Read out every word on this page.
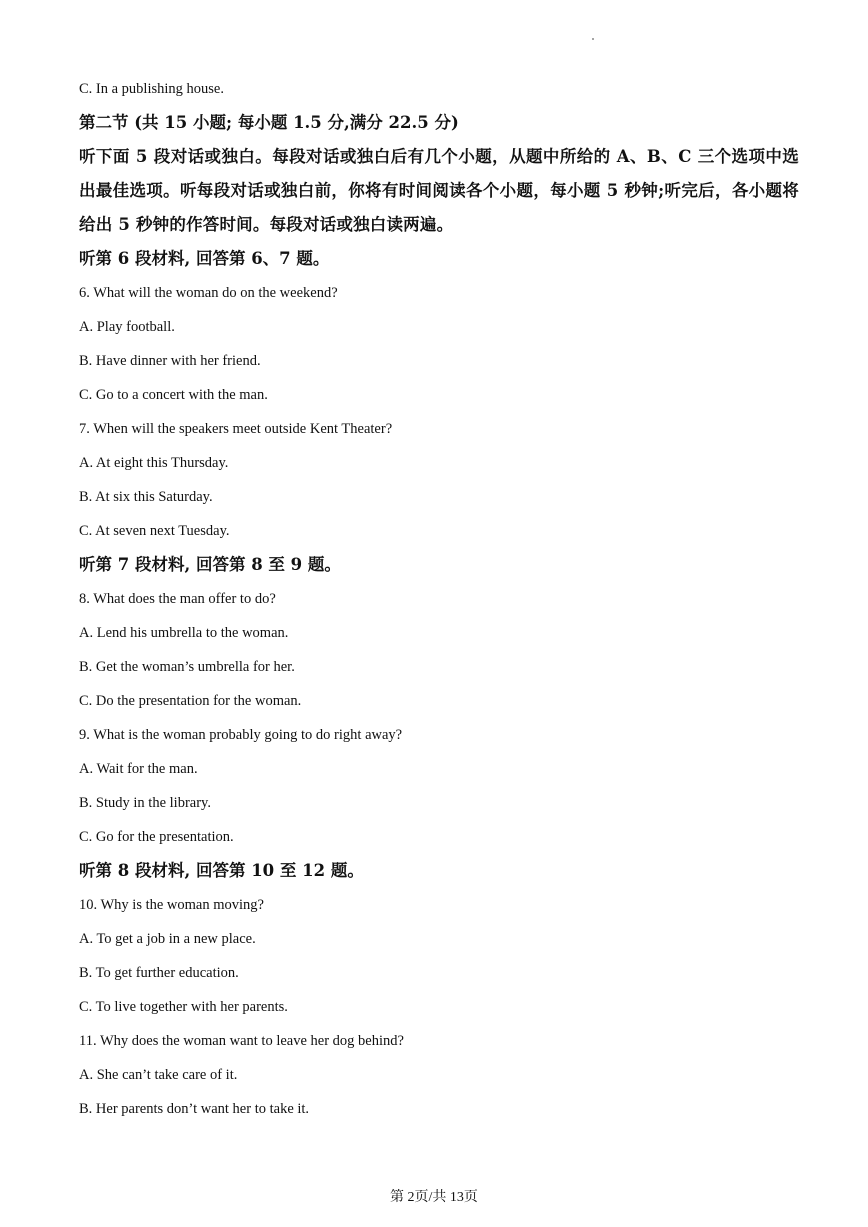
C. In a publishing house.
第二节 (共 15 小题; 每小题 1.5 分,满分 22.5 分)
听下面 5 段对话或独白。每段对话或独白后有几个小题，从题中所给的 A、B、C 三个选项中选出最佳选项。听每段对话或独白前，你将有时间阅读各个小题，每小题 5 秒钟;听完后，各小题将给出 5 秒钟的作答时间。每段对话或独白读两遍。
听第 6 段材料, 回答第 6、7 题。
6. What will the woman do on the weekend?
A. Play football.
B. Have dinner with her friend.
C. Go to a concert with the man.
7. When will the speakers meet outside Kent Theater?
A. At eight this Thursday.
B. At six this Saturday.
C. At seven next Tuesday.
听第 7 段材料, 回答第 8 至 9 题。
8. What does the man offer to do?
A. Lend his umbrella to the woman.
B. Get the woman’s umbrella for her.
C. Do the presentation for the woman.
9. What is the woman probably going to do right away?
A. Wait for the man.
B. Study in the library.
C. Go for the presentation.
听第 8 段材料, 回答第 10 至 12 题。
10. Why is the woman moving?
A. To get a job in a new place.
B. To get further education.
C. To live together with her parents.
11. Why does the woman want to leave her dog behind?
A. She can’t take care of it.
B. Her parents don’t want her to take it.
第 2页/共 13页
